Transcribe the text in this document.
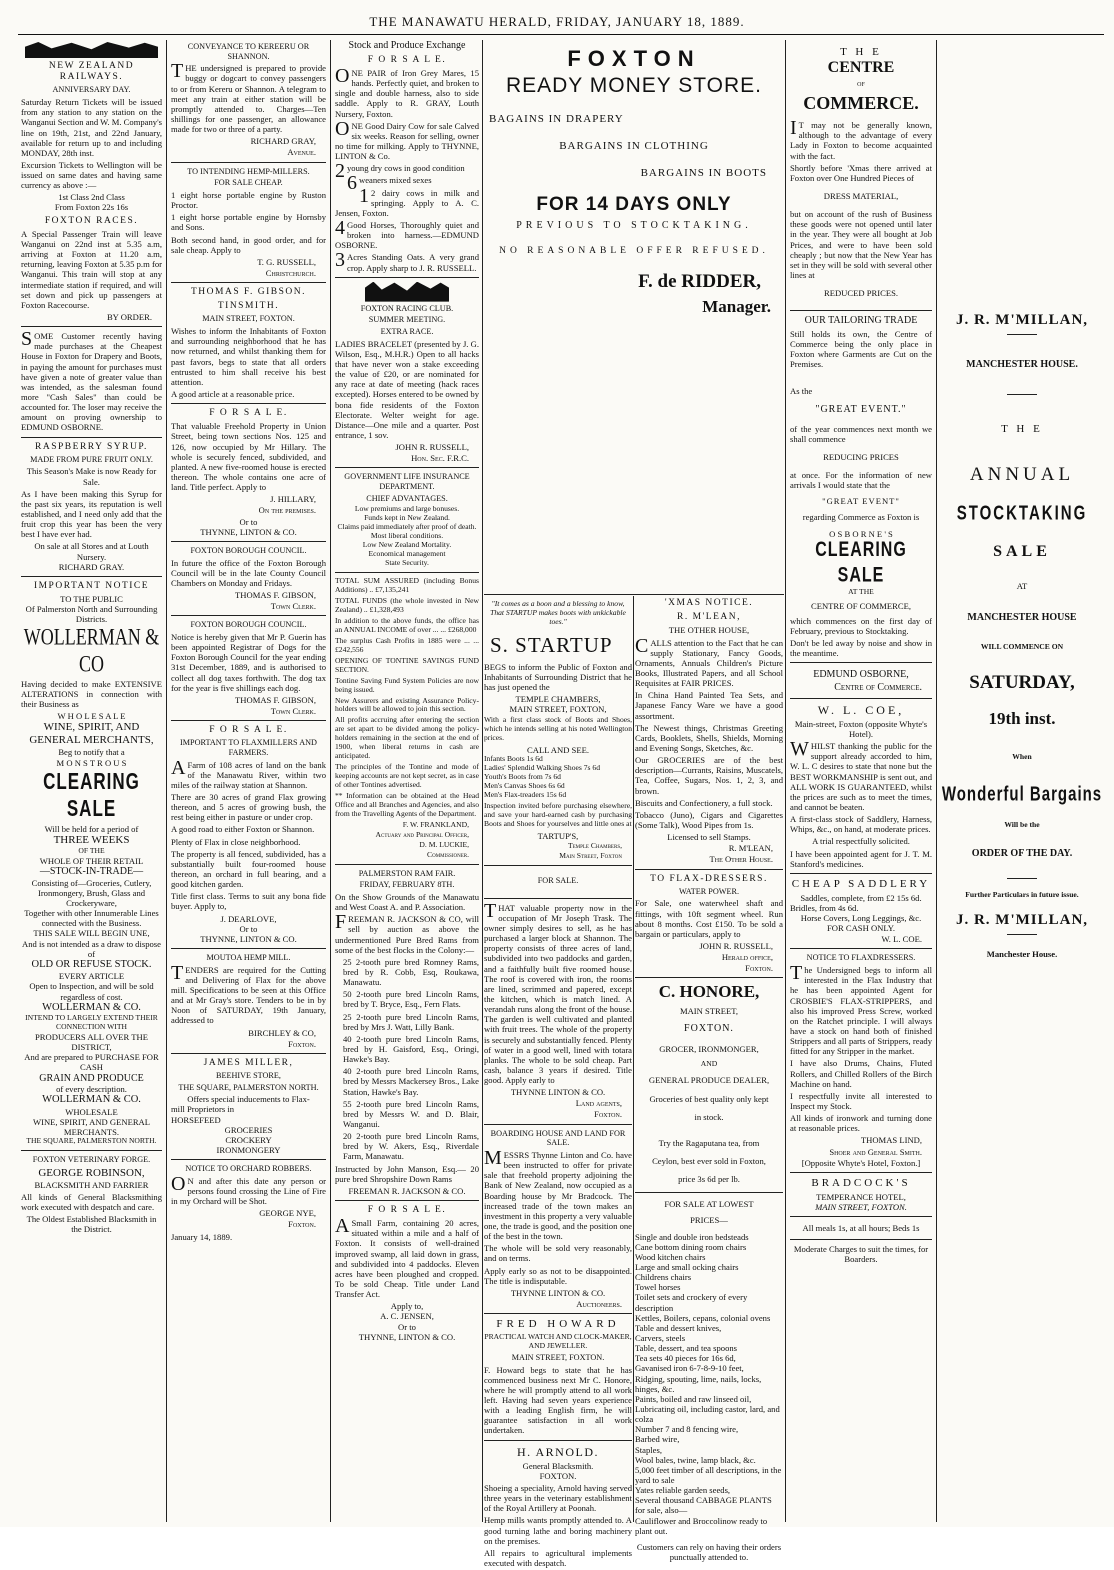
THE MANAWATU HERALD, FRIDAY, JANUARY 18, 1889.
NEW ZEALAND RAILWAYS.
ANNIVERSARY DAY.
Saturday Return Tickets will be issued from any station to any station on the Wanganui Section and W. M. Company's line on 19th, 21st, and 22nd January, available for return up to and including MONDAY, 28th inst.
Excursion Tickets to Wellington will be issued on same dates and having same currency as above :—
1st Class 2nd Class
From Foxton 22s 16s
FOXTON RACES.
A Special Passenger Train will leave Wanganui on 22nd inst at 5.35 a.m, arriving at Foxton at 11.20 a.m, returning, leaving Foxton at 5.35 p.m for Wanganui. This train will stop at any intermediate station if required, and will set down and pick up passengers at Foxton Racecourse.
BY ORDER.
SOME Customer recently having made purchases at the Cheapest House in Foxton for Drapery and Boots, in paying the amount for purchases must have given a note of greater value than was intended, as the salesman found more "Cash Sales" than could be accounted for. The loser may receive the amount on proving ownership to EDMUND OSBORNE.
RASPBERRY SYRUP.
MADE FROM PURE FRUIT ONLY.
This Season's Make is now Ready for Sale.
As I have been making this Syrup for the past six years, its reputation is well established, and I need only add that the fruit crop this year has been the very best I have ever had.
On sale at all Stores and at Louth Nursery.
RICHARD GRAY.
IMPORTANT NOTICE
TO THE PUBLIC
Of Palmerston North and Surrounding Districts.
WOLLERMAN & CO
Having decided to make EXTENSIVE ALTERATIONS in connection with their Business as
W H O L E S A L E
WINE, SPIRIT, AND
GENERAL MERCHANTS,
Beg to notify that a
M O N S T R O U S
CLEARING SALE
Will be held for a period of
THREE WEEKS
OF THE
WHOLE OF THEIR RETAIL
—STOCK-IN-TRADE—
Consisting of—Groceries, Cutlery, Ironmongery, Brush, Glass and Crockeryware,
Together with other Innumerable Lines connected with the Business.
THIS SALE WILL BEGIN UNE,
And is not intended as a draw to dispose of
OLD OR REFUSE STOCK.
EVERY ARTICLE
Open to Inspection, and will be sold regardless of cost.
WOLLERMAN & CO.
INTEND TO LARGELY EXTEND THEIR CONNECTION WITH
PRODUCERS ALL OVER THE DISTRICT,
And are prepared to PURCHASE FOR CASH
GRAIN AND PRODUCE
of every description.
WOLLERMAN & CO.
WHOLESALE
WINE, SPIRIT, AND GENERAL
MERCHANTS.
THE SQUARE, PALMERSTON NORTH.
FOXTON VETERINARY FORGE.
GEORGE ROBINSON,
BLACKSMITH AND FARRIER
All kinds of General Blacksmithing work executed with despatch and care.
The Oldest Established Blacksmith in the District.
CONVEYANCE TO KEREERU OR SHANNON.
THE undersigned is prepared to provide buggy or dogcart to convey passengers to or from Kereru or Shannon. A telegram to meet any train at either station will be promptly attended to. Charges—Ten shillings for one passenger, an allowance made for two or three of a party.
RICHARD GRAY,
Avenue.
TO INTENDING HEMP-MILLERS.
FOR SALE CHEAP.
1 eight horse portable engine by Ruston Proctor.
1 eight horse portable engine by Hornsby and Sons.
Both second hand, in good order, and for sale cheap. Apply to
T. G. RUSSELL,
Christchurch.
THOMAS F. GIBSON.
TINSMITH.
MAIN STREET, FOXTON.
Wishes to inform the Inhabitants of Foxton and surrounding neighborhood that he has now returned, and whilst thanking them for past favors, begs to state that all orders entrusted to him shall receive his best attention.
A good article at a reasonable price.
F O R S A L E.
That valuable Freehold Property in Union Street, being town sections Nos. 125 and 126, now occupied by Mr Hillary. The whole is securely fenced, subdivided, and planted. A new five-roomed house is erected thereon. The whole contains one acre of land. Title perfect. Apply to
J. HILLARY,
On the premises.
Or to
THYNNE, LINTON & CO.
FOXTON BOROUGH COUNCIL.
In future the office of the Foxton Borough Council will be in the late County Council Chambers on Monday and Fridays.
THOMAS F. GIBSON,
Town Clerk.
FOXTON BOROUGH COUNCIL.
Notice is hereby given that Mr P. Guerin has been appointed Registrar of Dogs for the Foxton Borough Council for the year ending 31st December, 1889, and is authorised to collect all dog taxes forthwith. The dog tax for the year is five shillings each dog.
THOMAS F. GIBSON,
Town Clerk.
F O R S A L E.
IMPORTANT TO FLAXMILLERS AND FARMERS.
AFarm of 108 acres of land on the bank of the Manawatu River, within two miles of the railway station at Shannon.
There are 30 acres of grand Flax growing thereon, and 5 acres of growing bush, the rest being either in pasture or under crop.
A good road to either Foxton or Shannon.
Plenty of Flax in close neighborhood.
The property is all fenced, subdivided, has a substantially built four-roomed house thereon, an orchard in full bearing, and a good kitchen garden.
Title first class. Terms to suit any bona fide buyer. Apply to,
J. DEARLOVE,
Or to
THYNNE, LINTON & CO.
MOUTOA HEMP MILL.
TENDERS are required for the Cutting and Delivering of Flax for the above mill. Specifications to be seen at this Office and at Mr Gray's store. Tenders to be in by Noon of SATURDAY, 19th January, addressed to
BIRCHLEY & CO,
Foxton.
JAMES MILLER,
BEEHIVE STORE,
THE SQUARE, PALMERSTON NORTH.
Offers special inducements to Flax-
mill Proprietors in
HORSEFEED
GROCERIES
CROCKERY
IRONMONGERY
NOTICE TO ORCHARD ROBBERS.
ON and after this date any person or persons found crossing the Line of Fire in my Orchard will be Shot.
GEORGE NYE,
Foxton.
January 14, 1889.
Stock and Produce Exchange
F O R S A L E.
ONE PAIR of Iron Grey Mares, 15 hands. Perfectly quiet, and broken to single and double harness, also to side saddle. Apply to R. GRAY, Louth Nursery, Foxton.
ONE Good Dairy Cow for sale Calved six weeks. Reason for selling, owner no time for milking. Apply to THYNNE, LINTON & Co.
2young dry cows in good condition
6weaners mixed sexes
12 dairy cows in milk and springing. Apply to A. C. Jensen, Foxton.
4Good Horses, Thoroughly quiet and broken into harness.—EDMUND OSBORNE.
3Acres Standing Oats. A very grand crop. Apply sharp to J. R. RUSSELL.
FOXTON RACING CLUB.
SUMMER MEETING.
EXTRA RACE.
LADIES BRACELET (presented by J. G. Wilson, Esq., M.H.R.) Open to all hacks that have never won a stake exceeding the value of £20, or are nominated for any race at date of meeting (hack races excepted). Horses entered to be owned by bona fide residents of the Foxton Electorate. Welter weight for age. Distance—One mile and a quarter. Post entrance, 1 sov.
JOHN R. RUSSELL,
Hon. Sec. F.R.C.
GOVERNMENT LIFE INSURANCE DEPARTMENT.
CHIEF ADVANTAGES.
Low premiums and large bonuses.
Funds kept in New Zealand.
Claims paid immediately after proof of death.
Most liberal conditions.
Low New Zealand Mortality.
Economical management
State Security.
TOTAL SUM ASSURED (including Bonus Additions) .. £7,135,241
TOTAL FUNDS (the whole invested in New Zealand) .. £1,328,493
In addition to the above funds, the office has an ANNUAL INCOME of over ... ... £268,000
The surplus Cash Profits in 1885 were ... ... £242,556
OPENING OF TONTINE SAVINGS FUND SECTION.
Tontine Saving Fund System Policies are now being issued.
New Assurers and existing Assurance Policy-holders will be allowed to join this section.
All profits accruing after entering the section are set apart to be divided among the policy-holders remaining in the section at the end of 1900, when liberal returns in cash are anticipated.
The principles of the Tontine and mode of keeping accounts are not kept secret, as in case of other Tontines advertised.
** Information can be obtained at the Head Office and all Branches and Agencies, and also from the Travelling Agents of the Department.
F. W. FRANKLAND,
Actuary and Principal Officer,
D. M. LUCKIE,
Commissioner.
PALMERSTON RAM FAIR.
FRIDAY, FEBRUARY 8TH.
On the Show Grounds of the Manawatu and West Coast A. and P. Association.
FREEMAN R. JACKSON & CO, will sell by auction as above the undermentioned Pure Bred Rams from some of the best flocks in the Colony:—
25 2-tooth pure bred Romney Rams, bred by R. Cobb, Esq, Roukawa, Manawatu.
50 2-tooth pure bred Lincoln Rams, bred by T. Bryce, Esq., Fern Flats.
25 2-tooth pure bred Lincoln Rams, bred by Mrs J. Watt, Lilly Bank.
40 2-tooth pure bred Lincoln Rams, bred by H. Gaisford, Esq., Oringi, Hawke's Bay.
40 2-tooth pure bred Lincoln Rams, bred by Messrs Mackersey Bros., Lake Station, Hawke's Bay.
55 2-tooth pure bred Lincoln Rams, bred by Messrs W. and D. Blair, Wanganui.
20 2-tooth pure bred Lincoln Rams, bred by W. Akers, Esq., Riverdale Farm, Manawatu.
Instructed by John Manson, Esq.— 20 pure bred Shropshire Down Rams
FREEMAN R. JACKSON & CO.
F O R S A L E.
ASmall Farm, containing 20 acres, situated within a mile and a half of Foxton. It consists of well-drained improved swamp, all laid down in grass, and subdivided into 4 paddocks. Eleven acres have been ploughed and cropped. To be sold Cheap. Title under Land Transfer Act.
Apply to,
A. C. JENSEN,
Or to
THYNNE, LINTON & CO.
FOXTON
READY MONEY STORE.
BAGAINS IN DRAPERY
BARGAINS IN CLOTHING
BARGAINS IN BOOTS
FOR 14 DAYS ONLY
PREVIOUS TO STOCKTAKING.
NO REASONABLE OFFER REFUSED.
F. de RIDDER,
Manager.
"It comes as a boon and a blessing to know, That STARTUP makes boots with unkickable toes."
S. STARTUP
BEGS to inform the Public of Foxton and Inhabitants of Surrounding District that he has just opened the
TEMPLE CHAMBERS,
MAIN STREET, FOXTON,
With a first class stock of Boots and Shoes, which he intends selling at his noted Wellington prices.
CALL AND SEE.
Infants Boots 1s 6d
Ladies' Splendid Walking Shoes 7s 6d
Youth's Boots from 7s 6d
Men's Canvas Shoes 6s 6d
Men's Flax-treaders 15s 6d
Inspection invited before purchasing elsewhere, and save your hard-earned cash by purchasing Boots and Shoes for yourselves and little ones at
TARTUP'S,
Temple Chambers,
Main Street, Foxton
FOR SALE.
THAT valuable property now in the occupation of Mr Joseph Trask. The owner simply desires to sell, as he has purchased a larger block at Shannon. The property consists of three acres of land, subdivided into two paddocks and garden, and a faithfully built five roomed house. The roof is covered with iron, the rooms are lined, scrimmed and papered, except the kitchen, which is match lined. A verandah runs along the front of the house. The garden is well cultivated and planted with fruit trees. The whole of the property is securely and substantially fenced. Plenty of water in a good well, lined with totara planks. The whole to be sold cheap. Part cash, balance 3 years if desired. Title good. Apply early to
THYNNE LINTON & CO.
Land agents,
Foxton.
BOARDING HOUSE AND LAND FOR SALE.
MESSRS Thynne Linton and Co. have been instructed to offer for private sale that freehold property adjoining the Bank of New Zealand, now occupied as a Boarding house by Mr Bradcock. The increased trade of the town makes an investment in this property a very valuable one, the trade is good, and the position one of the best in the town.
The whole will be sold very reasonably, and on terms.
Apply early so as not to be disappointed. The title is indisputable.
THYNNE LINTON & CO.
Auctioneers.
FRED HOWARD
PRACTICAL WATCH AND CLOCK-MAKER, AND JEWELLER.
MAIN STREET, FOXTON.
F. Howard begs to state that he has commenced business next Mr C. Honore, where he will promptly attend to all work left. Having had seven years experience with a leading English firm, he will guarantee satisfaction in all work undertaken.
H. ARNOLD.
General Blacksmith.
FOXTON.
Shoeing a speciality, Arnold having served three years in the veterinary establishment of the Royal Artillery at Poonah.
Hemp mills wants promptly attended to. A good turning lathe and boring machinery on the premises.
All repairs to agricultural implements executed with despatch.
'XMAS NOTICE.
R. M'LEAN,
THE OTHER HOUSE,
CALLS attention to the Fact that he can supply Stationary, Fancy Goods, Ornaments, Annuals Children's Picture Books, Illustrated Papers, and all School Requisites at FAIR PRICES.
In China Hand Painted Tea Sets, and Japanese Fancy Ware we have a good assortment.
The Newest things, Christmas Greeting Cards, Booklets, Shells, Shields, Morning and Evening Songs, Sketches, &c.
Our GROCERIES are of the best description—Currants, Raisins, Muscatels, Tea, Coffee, Sugars, Nos. 1, 2, 3, and brown.
Biscuits and Confectionery, a full stock.
Tobacco (Juno), Cigars and Cigarettes (Some Talk), Wood Pipes from 1s.
Licensed to sell Stamps.
R. M'LEAN,
The Other House.
TO FLAX-DRESSERS.
WATER POWER.
For Sale, one waterwheel shaft and fittings, with 10ft segment wheel. Run about 8 months. Cost £150. To be sold a bargain or particulars, apply to
JOHN R. RUSSELL,
Herald office,
Foxton.
C. HONORE,
MAIN STREET,
FOXTON.
GROCER, IRONMONGER,
AND
GENERAL PRODUCE DEALER,
Groceries of best quality only kept
in stock.
Try the Ragaputana tea, from
Ceylon, best ever sold in Foxton,
price 3s 6d per lb.
FOR SALE AT LOWEST
PRICES—
Single and double iron bedsteads
Cane bottom dining room chairs
Wood kitchen chairs
Large and small ocking chairs
Childrens chairs
Towel horses
Toilet sets and crockery of every description
Kettles, Boilers, cepans, colonial ovens
Table and dessert knives,
Carvers, steels
Table, dessert, and tea spoons
Tea sets 40 pieces for 16s 6d,
Gavanised iron 6-7-8-9-10 feet,
Ridging, spouting, lime, nails, locks, hinges, &c.
Paints, boiled and raw linseed oil,
Lubricating oil, including castor, lard, and colza
Number 7 and 8 fencing wire,
Barbed wire,
Staples,
Wool bales, twine, lamp black, &c.
5,000 feet timber of all descriptions, in the yard to sale
Yates reliable garden seeds,
Several thousand CABBAGE PLANTS for sale, also—
Cauliflower and Broccolinow ready to plant out.
Customers can rely on having their orders punctually attended to.
T H E
CENTRE
OF
COMMERCE.
IT may not be generally known, although to the advantage of every Lady in Foxton to become acquainted with the fact.
Shortly before 'Xmas there arrived at Foxton over One Hundred Pieces of
DRESS MATERIAL,
but on account of the rush of Business these goods were not opened until later in the year. They were all bought at Job Prices, and were to have been sold cheaply ; but now that the New Year has set in they will be sold with several other lines at
REDUCED PRICES.
OUR TAILORING TRADE
Still holds its own, the Centre of Commerce being the only place in Foxton where Garments are Cut on the Premises.
As the
"GREAT EVENT."
of the year commences next month we shall commence
REDUCING PRICES
at once. For the information of new arrivals I would state that the
"GREAT EVENT"
regarding Commerce as Foxton is
O S B O R N E ' S
CLEARING SALE
AT THE
CENTRE OF COMMERCE,
which commences on the first day of February, previous to Stocktaking.
Don't be led away by noise and show in the meantime.
EDMUND OSBORNE,
Centre of Commerce.
W. L. COE,
Main-street, Foxton (opposite Whyte's Hotel).
WHILST thanking the public for the support already accorded to him, W. L. C desires to state that none but the BEST WORKMANSHIP is sent out, and ALL WORK IS GUARANTEED, whilst the prices are such as to meet the times, and cannot be beaten.
A first-class stock of Saddlery, Harness, Whips, &c., on hand, at moderate prices.
A trial respectfully solicited.
I have been appointed agent for J. T. M. Stanford's medicines.
CHEAP SADDLERY
Saddles, complete, from £2 15s 6d.
Bridles, from 4s 6d.
Horse Covers, Long Leggings, &c.
FOR CASH ONLY.
W. L. COE.
NOTICE TO FLAXDRESSERS.
The Undersigned begs to inform all interested in the Flax Industry that he has been appointed Agent for CROSBIE'S FLAX-STRIPPERS, and also his improved Press Screw, worked on the Ratchet principle. I will always have a stock on hand both of finished Strippers and all parts of Strippers, ready fitted for any Stripper in the market.
I have also Drums, Chains, Fluted Rollers, and Chilled Rollers of the Birch Machine on hand.
I respectfully invite all interested to Inspect my Stock.
All kinds of ironwork and turning done at reasonable prices.
THOMAS LIND,
Shoer and General Smith.
[Opposite Whyte's Hotel, Foxton.]
BRADCOCK'S
TEMPERANCE HOTEL,
MAIN STREET, FOXTON.
All meals 1s, at all hours; Beds 1s
Moderate Charges to suit the times, for Boarders.
J. R. M'MILLAN,
MANCHESTER HOUSE.
T H E
ANNUAL
STOCKTAKING
SALE
AT
MANCHESTER HOUSE
WILL COMMENCE ON
SATURDAY,
19th inst.
When
Wonderful Bargains
Will be the
ORDER OF THE DAY.
Further Particulars in future issue.
J. R. M'MILLAN,
Manchester House.
